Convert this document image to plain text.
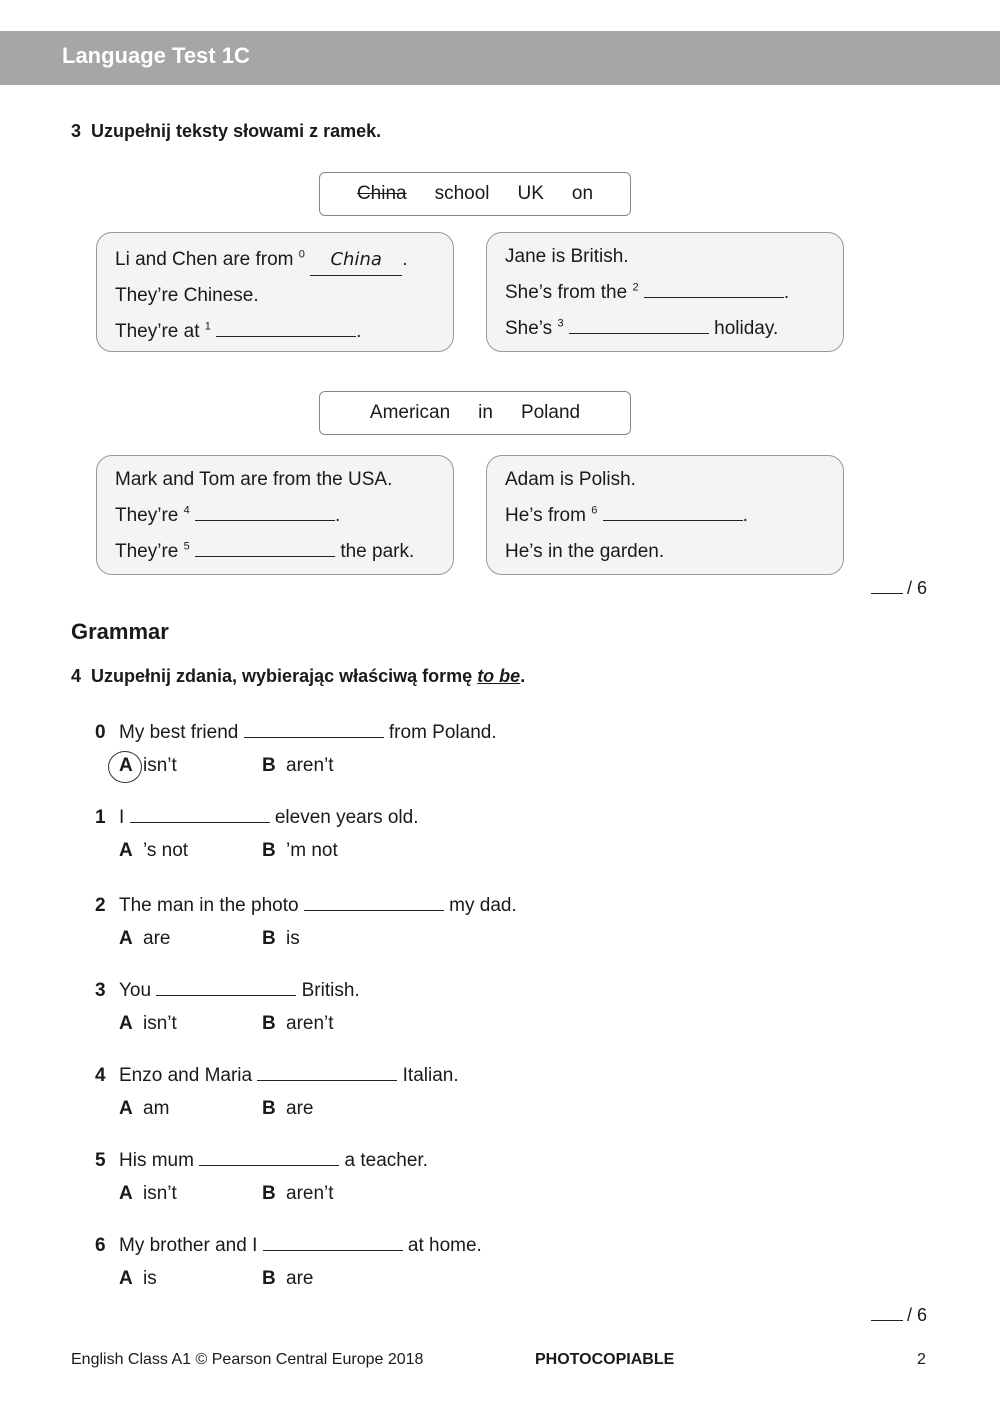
Language Test 1C
3 Uzupełnij teksty słowami z ramek.
China school UK on
Li and Chen are from $^0$ China .
They’re Chinese.
They’re at $^1$	.
Jane is British.
She’s from the $^2$	.
She’s $^3$	holiday.
American in Poland
Mark and Tom are from the USA.
They’re $^4$	.
They’re $^5$	the park.
Adam is Polish.
He’s from $^6$	.
He’s in the garden.
/ 6
Grammar
4 Uzupełnij zdania, wybierając właściwą formę to be.
0 My best friend	from Poland.
A isn’t	B aren’t
1 I	eleven years old.
A ’s not	B ’m not
2 The man in the photo	my dad.
A are	B is
3 You	British.
A isn’t	B aren’t
4 Enzo and Maria	Italian.
A am	B are
5 His mum	a teacher.
A isn’t	B aren’t
6 My brother and I	at home.
A is	B are
/ 6
English Class A1 © Pearson Central Europe 2018	PHOTOCOPIABLE	2
